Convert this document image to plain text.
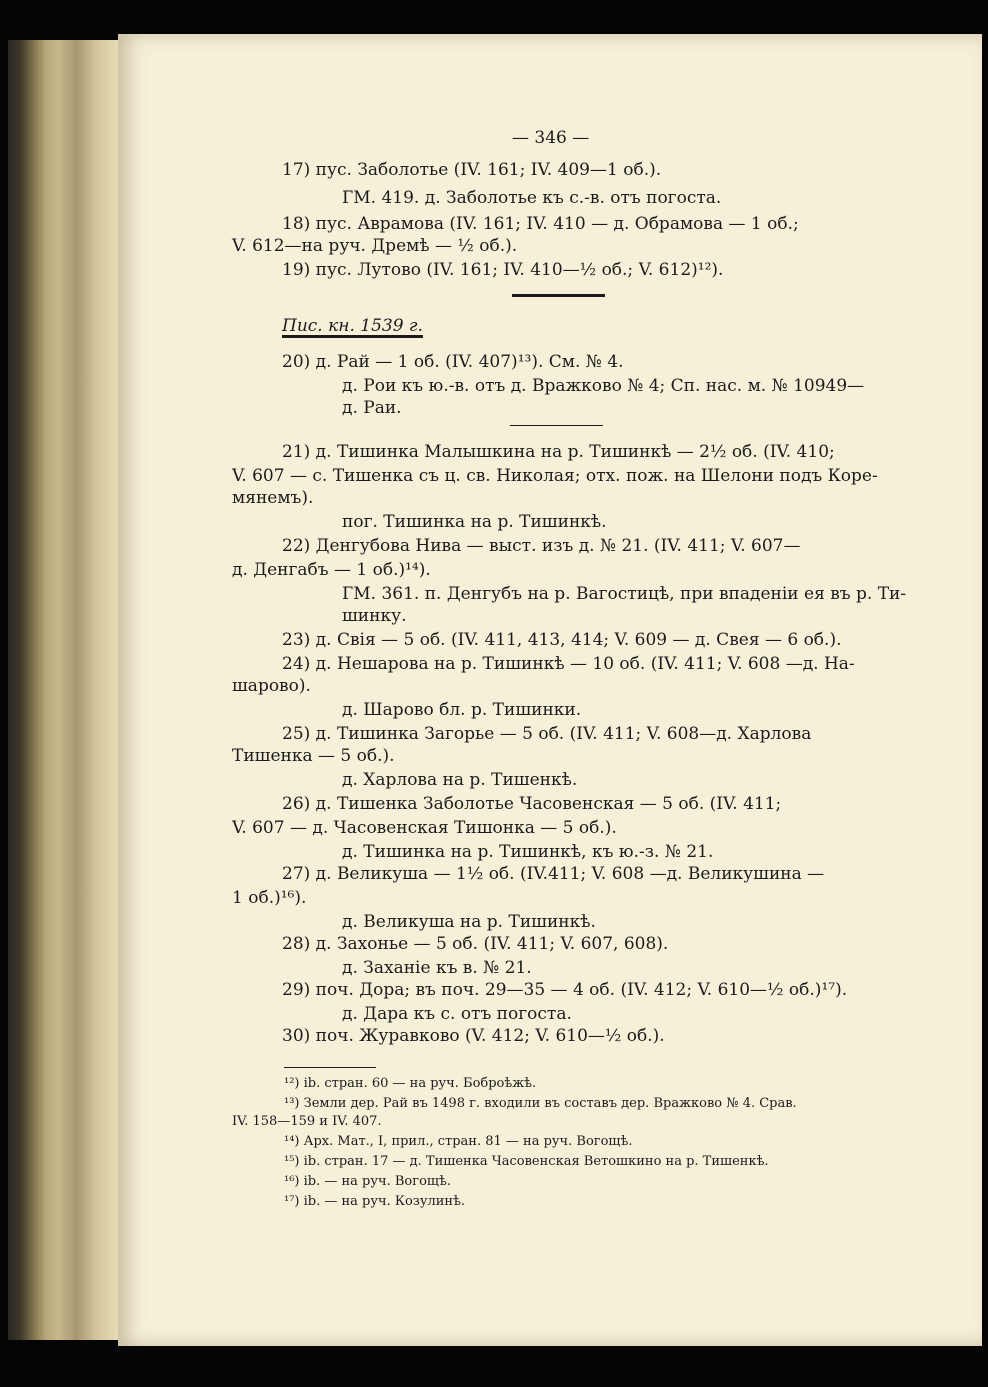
— 346 —
17) пус. Заболотье (IV. 161; IV. 409—1 об.).
ГМ. 419. д. Заболотье къ с.-в. отъ погоста.
18) пус. Аврамова (IV. 161; IV. 410 — д. Обрамова — 1 об.;
V. 612—на руч. Дремѣ — ½ об.).
19) пус. Лутово (IV. 161; IV. 410—½ об.; V. 612)¹²).
Пис. кн. 1539 г.
20) д. Рай — 1 об. (IV. 407)¹³). См. № 4.
д. Рои къ ю.-в. отъ д. Вражково № 4; Сп. нас. м. № 10949—
д. Раи.
21) д. Тишинка Малышкина на р. Тишинкѣ — 2½ об. (IV. 410;
V. 607 — с. Тишенка съ ц. св. Николая; отх. пож. на Шелони подъ Коре-
мянемъ).
пог. Тишинка на р. Тишинкѣ.
22) Денгубова Нива — выст. изъ д. № 21. (IV. 411; V. 607—
д. Денгабъ — 1 об.)¹⁴).
ГМ. 361. п. Денгубъ на р. Вагостицѣ, при впаденіи ея въ р. Ти-
шинку.
23) д. Свія — 5 об. (IV. 411, 413, 414; V. 609 — д. Свея — 6 об.).
24) д. Нешарова на р. Тишинкѣ — 10 об. (IV. 411; V. 608 —д. На-
шарово).
д. Шарово бл. р. Тишинки.
25) д. Тишинка Загорье — 5 об. (IV. 411; V. 608—д. Харлова
Тишенка — 5 об.).
д. Харлова на р. Тишенкѣ.
26) д. Тишенка Заболотье Часовенская — 5 об. (IV. 411;
V. 607 — д. Часовенская Тишонка — 5 об.).
д. Тишинка на р. Тишинкѣ, къ ю.-з. № 21.
27) д. Великуша — 1½ об. (IV.411; V. 608 —д. Великушина —
1 об.)¹⁶).
д. Великуша на р. Тишинкѣ.
28) д. Захонье — 5 об. (IV. 411; V. 607, 608).
д. Заханіе къ в. № 21.
29) поч. Дора; въ поч. 29—35 — 4 об. (IV. 412; V. 610—½ об.)¹⁷).
д. Дара къ с. отъ погоста.
30) поч. Журавково (V. 412; V. 610—½ об.).
¹²) ib. стран. 60 — на руч. Боброѣжѣ.
¹³) Земли дер. Рай въ 1498 г. входили въ составъ дер. Вражково № 4. Срав.
IV. 158—159 и IV. 407.
¹⁴) Арх. Мат., I, прил., стран. 81 — на руч. Вогощѣ.
¹⁵) ib. стран. 17 — д. Тишенка Часовенская Ветошкино на р. Тишенкѣ.
¹⁶) ib. — на руч. Вогощѣ.
¹⁷) ib. — на руч. Козулинѣ.
